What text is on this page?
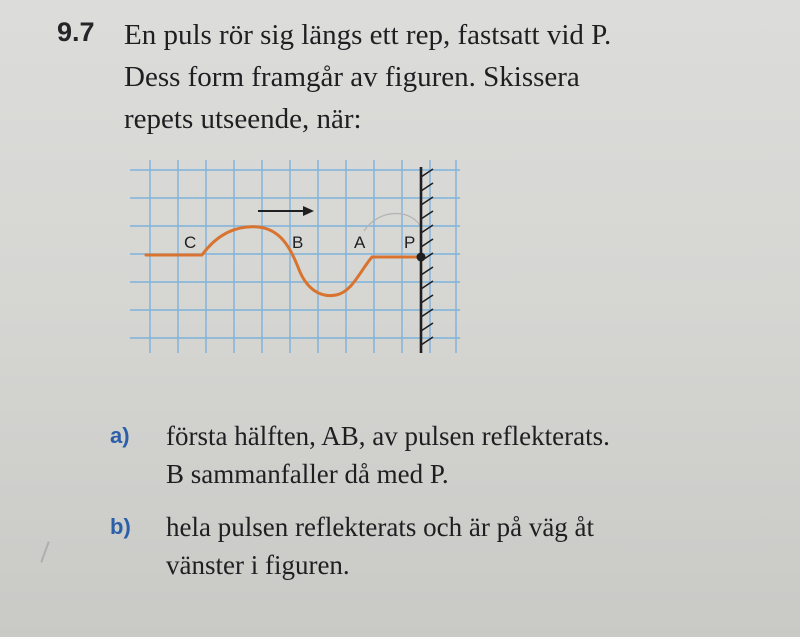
9.7 En puls rör sig längs ett rep, fastsatt vid P.
Dess form framgår av figuren. Skissera
repets utseende, när:
C	B	A P
a) första hälften, AB, av pulsen reflekterats.
B sammanfaller då med P.
b) hela pulsen reflekterats och är på väg åt
vänster i figuren.
